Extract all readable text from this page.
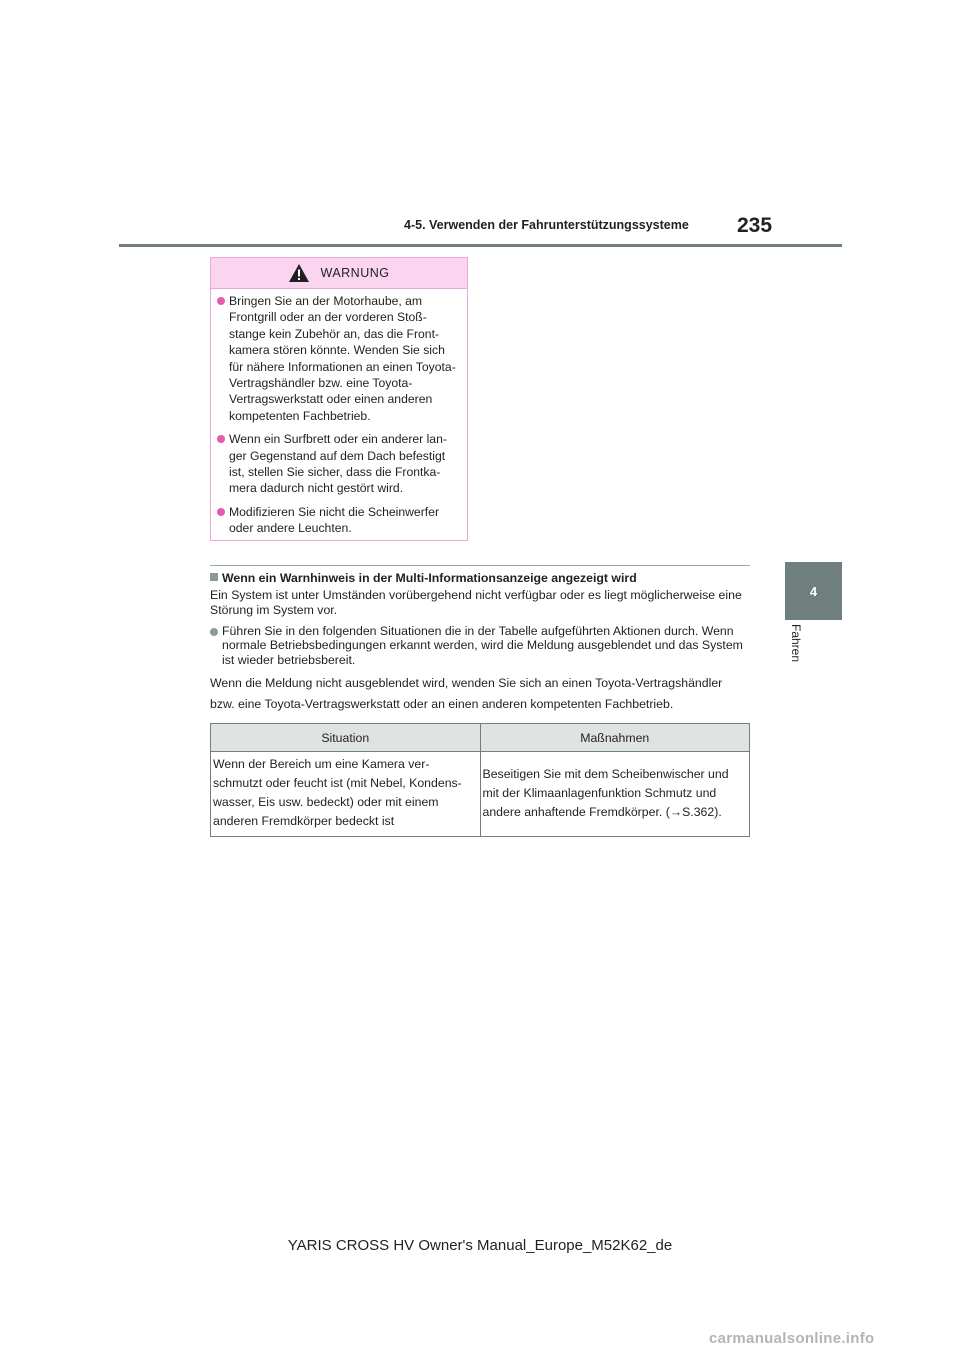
4-5. Verwenden der Fahrunterstützungssysteme 235
4
Fahren
WARNUNG
Bringen Sie an der Motorhaube, am Frontgrill oder an der vorderen Stoß-stange kein Zubehör an, das die Front-kamera stören könnte. Wenden Sie sich für nähere Informationen an einen Toyota-Vertragshändler bzw. eine Toyota-Vertragswerkstatt oder einen anderen kompetenten Fachbetrieb.
Wenn ein Surfbrett oder ein anderer lan-ger Gegenstand auf dem Dach befestigt ist, stellen Sie sicher, dass die Frontka-mera dadurch nicht gestört wird.
Modifizieren Sie nicht die Scheinwerfer oder andere Leuchten.
Wenn ein Warnhinweis in der Multi-Informationsanzeige angezeigt wird

Ein System ist unter Umständen vorübergehend nicht verfügbar oder es liegt möglicherweise eine Störung im System vor.

Führen Sie in den folgenden Situationen die in der Tabelle aufgeführten Aktionen durch. Wenn normale Betriebsbedingungen erkannt werden, wird die Meldung ausgeblendet und das System ist wieder betriebsbereit.

Wenn die Meldung nicht ausgeblendet wird, wenden Sie sich an einen Toyota-Vertragshändler bzw. eine Toyota-Vertragswerkstatt oder an einen anderen kompetenten Fachbetrieb.

Situation	Maßnahmen
Wenn der Bereich um eine Kamera ver-schmutzt oder feucht ist (mit Nebel, Kondens-wasser, Eis usw. bedeckt) oder mit einem anderen Fremdkörper bedeckt ist	Beseitigen Sie mit dem Scheibenwischer und mit der Klimaanlagenfunktion Schmutz und andere anhaftende Fremdkörper. (→S.362).
YARIS CROSS HV Owner's Manual_Europe_M52K62_de
carmanualsonline.info
